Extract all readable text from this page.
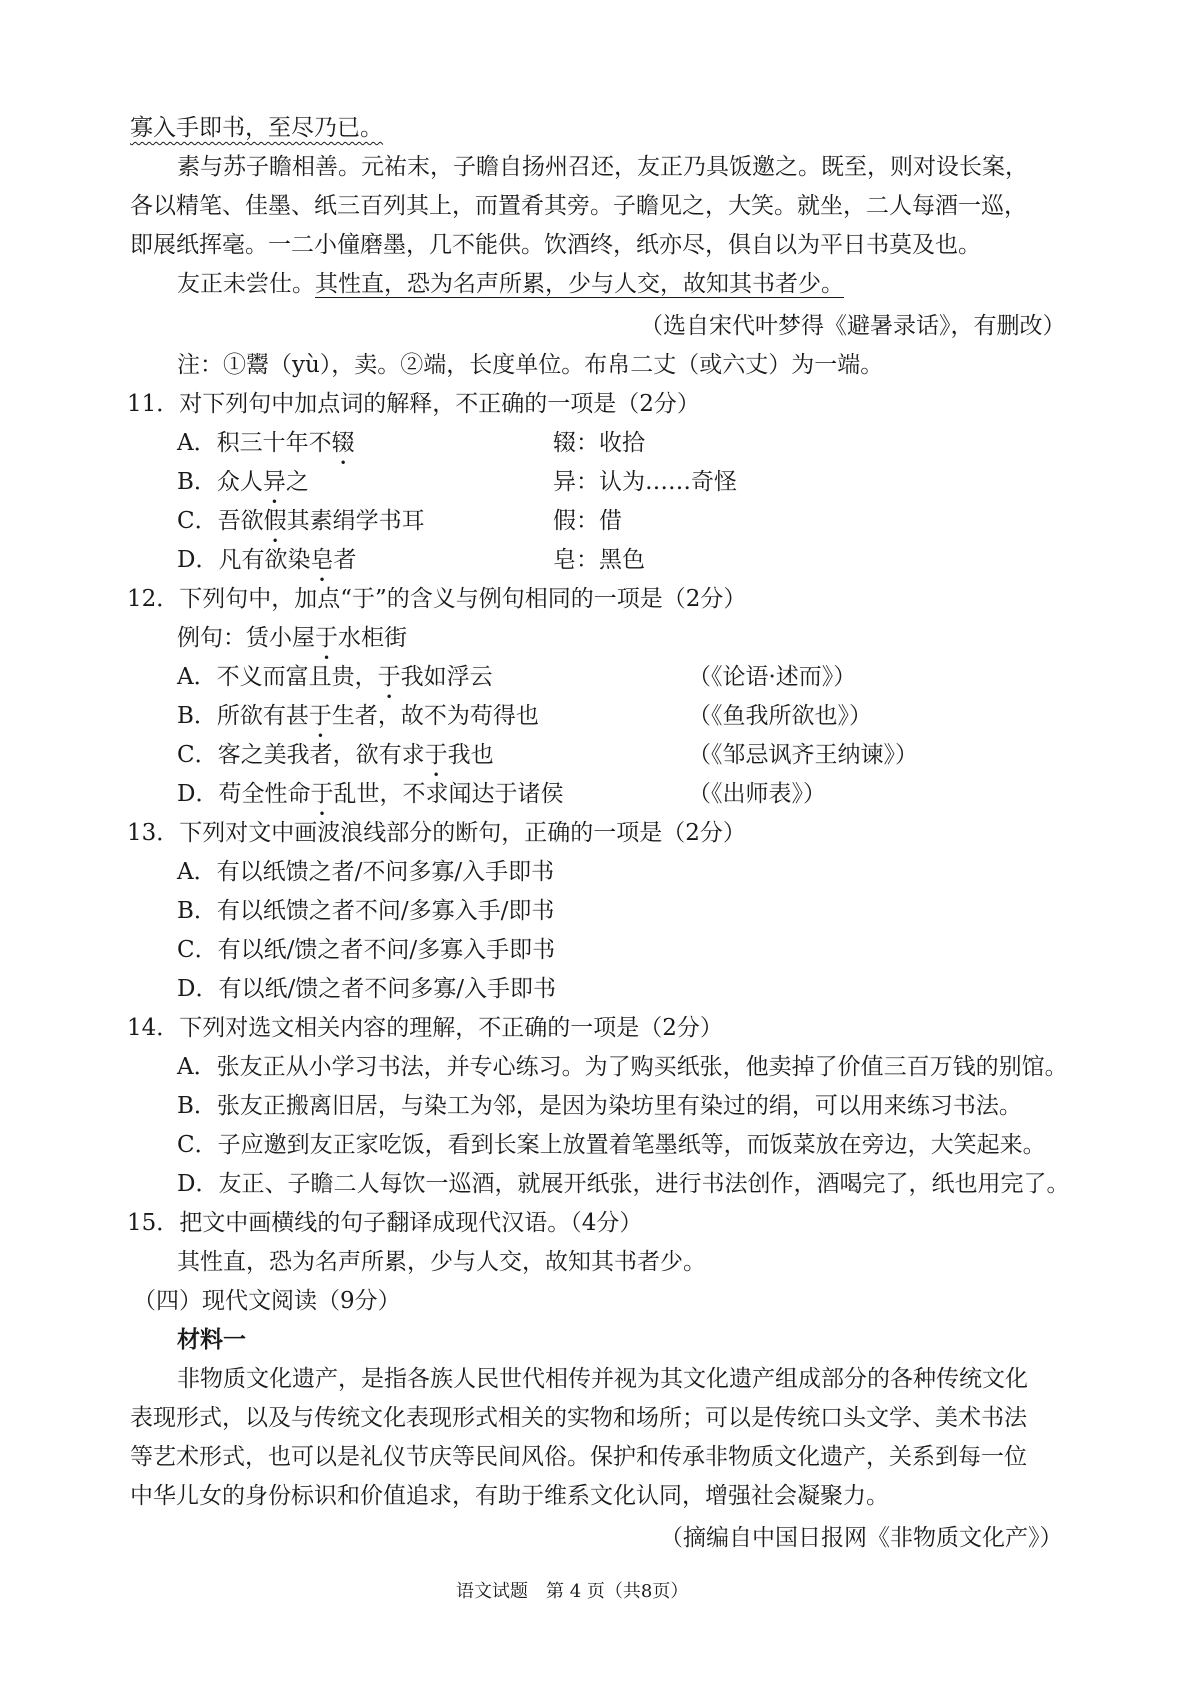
寡入手即书，至尽乃已。
素与苏子瞻相善。元祐末，子瞻自扬州召还，友正乃具饭邀之。既至，则对设长案，
各以精笔、佳墨、纸三百列其上，而置肴其旁。子瞻见之，大笑。就坐，二人每酒一巡，
即展纸挥毫。一二小僮磨墨，几不能供。饮酒终，纸亦尽，俱自以为平日书莫及也。
友正未尝仕。其性直，恐为名声所累，少与人交，故知其书者少。
（选自宋代叶梦得《避暑录话》，有删改）
注：①鬻（yù），卖。②端，长度单位。布帛二丈（或六丈）为一端。
11．对下列句中加点词的解释，不正确的一项是（2分）
A．积三十年不辍	辍：收拾
B．众人异之	异：认为……奇怪
C．吾欲假其素绢学书耳	假：借
D．凡有欲染皂者	皂：黑色
12．下列句中，加点“于”的含义与例句相同的一项是（2分）
例句：赁小屋于水柜街
A．不义而富且贵，于我如浮云	（《论语·述而》）
B．所欲有甚于生者，故不为苟得也	（《鱼我所欲也》）
C．客之美我者，欲有求于我也	（《邹忌讽齐王纳谏》）
D．苟全性命于乱世，不求闻达于诸侯	（《出师表》）
13．下列对文中画波浪线部分的断句，正确的一项是（2分）
A．有以纸馈之者/不问多寡/入手即书
B．有以纸馈之者不问/多寡入手/即书
C．有以纸/馈之者不问/多寡入手即书
D．有以纸/馈之者不问多寡/入手即书
14．下列对选文相关内容的理解，不正确的一项是（2分）
A．张友正从小学习书法，并专心练习。为了购买纸张，他卖掉了价值三百万钱的别馆。
B．张友正搬离旧居，与染工为邻，是因为染坊里有染过的绢，可以用来练习书法。
C．子应邀到友正家吃饭，看到长案上放置着笔墨纸等，而饭菜放在旁边，大笑起来。
D．友正、子瞻二人每饮一巡酒，就展开纸张，进行书法创作，酒喝完了，纸也用完了。
15．把文中画横线的句子翻译成现代汉语。（4分）
其性直，恐为名声所累，少与人交，故知其书者少。
（四）现代文阅读（9分）
材料一
非物质文化遗产，是指各族人民世代相传并视为其文化遗产组成部分的各种传统文化
表现形式，以及与传统文化表现形式相关的实物和场所；可以是传统口头文学、美术书法
等艺术形式，也可以是礼仪节庆等民间风俗。保护和传承非物质文化遗产，关系到每一位
中华儿女的身份标识和价值追求，有助于维系文化认同，增强社会凝聚力。
（摘编自中国日报网《非物质文化产》）
语文试题　第 4 页（共8页）
